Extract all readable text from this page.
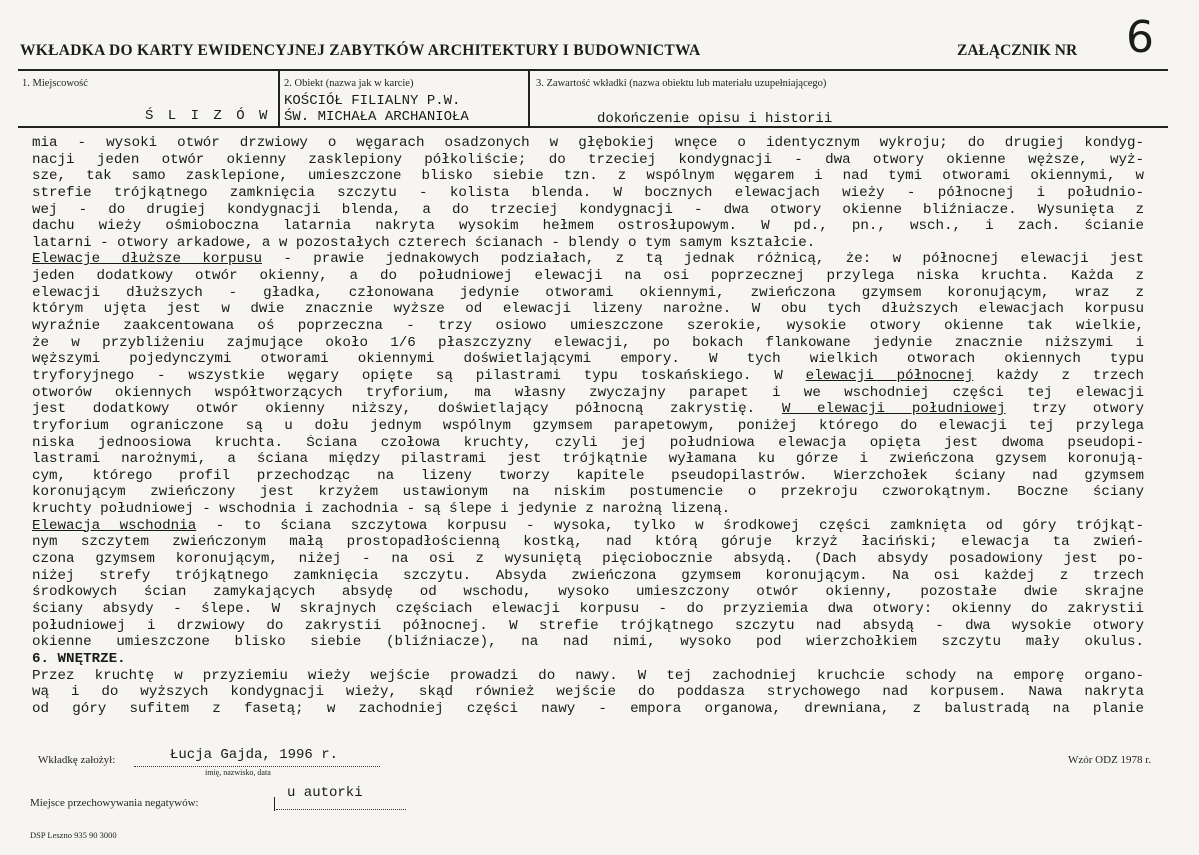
WKŁADKA DO KARTY EWIDENCYJNEJ ZABYTKÓW ARCHITEKTURY I BUDOWNICTWA	ZAŁĄCZNIK NR 6
1. Miejscowość
Ś L I Z Ó W
2. Obiekt (nazwa jak w karcie)
KOŚCIÓŁ FILIALNY P.W.
ŚW. MICHAŁA ARCHANIOŁA
3. Zawartość wkładki (nazwa obiektu lub materiału uzupełniającego)
dokończenie opisu i historii
mia - wysoki otwór drzwiowy o węgarach osadzonych w głębokiej wnęce o identycznym wykroju; do drugiej kondyg-
nacji jeden otwór okienny zasklepiony półkoliście; do trzeciej kondygnacji - dwa otwory okienne węższe, wyż-
sze, tak samo zasklepione, umieszczone blisko siebie tzn. z wspólnym węgarem i nad tymi otworami okiennymi, w
strefie trójkątnego zamknięcia szczytu - kolista blenda. W bocznych elewacjach wieży - północnej i południo-
wej - do drugiej kondygnacji blenda, a do trzeciej kondygnacji - dwa otwory okienne bliźniacze. Wysunięta z
dachu wieży ośmioboczna latarnia nakryta wysokim hełmem ostrosłupowym. W pd., pn., wsch., i zach. ścianie
latarni - otwory arkadowe, a w pozostałych czterech ścianach - blendy o tym samym kształcie.
Elewacje dłuższe korpusu - prawie jednakowych podziałach, z tą jednak różnicą, że: w północnej elewacji jest
jeden dodatkowy otwór okienny, a do południowej elewacji na osi poprzecznej przylega niska kruchta. Każda z
elewacji dłuższych - gładka, członowana jedynie otworami okiennymi, zwieńczona gzymsem koronującym, wraz z
którym ujęta jest w dwie znacznie wyższe od elewacji lizeny narożne. W obu tych dłuższych elewacjach korpusu
wyraźnie zaakcentowana oś poprzeczna - trzy osiowo umieszczone szerokie, wysokie otwory okienne tak wielkie,
że w przybliżeniu zajmujące około 1/6 płaszczyzny elewacji, po bokach flankowane jedynie znacznie niższymi i
węższymi pojedynczymi otworami okiennymi doświetlającymi empory. W tych wielkich otworach okiennych typu
tryforyjnego - wszystkie węgary opięte są pilastrami typu toskańskiego. W elewacji północnej każdy z trzech
otworów okiennych współtworzących tryforium, ma własny zwyczajny parapet i we wschodniej części tej elewacji
jest dodatkowy otwór okienny niższy, doświetlający północną zakrystię. W elewacji południowej trzy otwory
tryforium ograniczone są u dołu jednym wspólnym gzymsem parapetowym, poniżej którego do elewacji tej przylega
niska jednoosiowa kruchta. Ściana czołowa kruchty, czyli jej południowa elewacja opięta jest dwoma pseudopi-
lastrami narożnymi, a ściana między pilastrami jest trójkątnie wyłamana ku górze i zwieńczona gzysem koronują-
cym, którego profil przechodząc na lizeny tworzy kapitele pseudopilastrów. Wierzchołek ściany nad gzymsem
koronującym zwieńczony jest krzyżem ustawionym na niskim postumencie o przekroju czworokątnym. Boczne ściany
kruchty południowej - wschodnia i zachodnia - są ślepe i jedynie z narożną lizeną.
Elewacja wschodnia - to ściana szczytowa korpusu - wysoka, tylko w środkowej części zamknięta od góry trójkąt-
nym szczytem zwieńczonym małą prostopadłościenną kostką, nad którą góruje krzyż łaciński; elewacja ta zwień-
czona gzymsem koronującym, niżej - na osi z wysuniętą pięciobocznie absydą. (Dach absydy posadowiony jest po-
niżej strefy trójkątnego zamknięcia szczytu. Absyda zwieńczona gzymsem koronującym. Na osi każdej z trzech
środkowych ścian zamykających absydę od wschodu, wysoko umieszczony otwór okienny, pozostałe dwie skrajne
ściany absydy - ślepe. W skrajnych częściach elewacji korpusu - do przyziemia dwa otwory: okienny do zakrystii
południowej i drzwiowy do zakrystii północnej. W strefie trójkątnego szczytu nad absydą - dwa wysokie otwory
okienne umieszczone blisko siebie (bliźniacze), na nad nimi, wysoko pod wierzchołkiem szczytu mały okulus.
6. WNĘTRZE.
Przez kruchtę w przyziemiu wieży wejście prowadzi do nawy. W tej zachodniej kruchcie schody na emporę organo-
wą i do wyższych kondygnacji wieży, skąd również wejście do poddasza strychowego nad korpusem. Nawa nakryta
od góry sufitem z fasetą; w zachodniej części nawy - empora organowa, drewniana, z balustradą na planie
Wkładkę założył:	Łucja Gajda, 1996 r.
imię, nazwisko, data
Wzór ODZ 1978 r.
Miejsce przechowywania negatywów:
u autorki
DSP Leszno 935 90 3000
